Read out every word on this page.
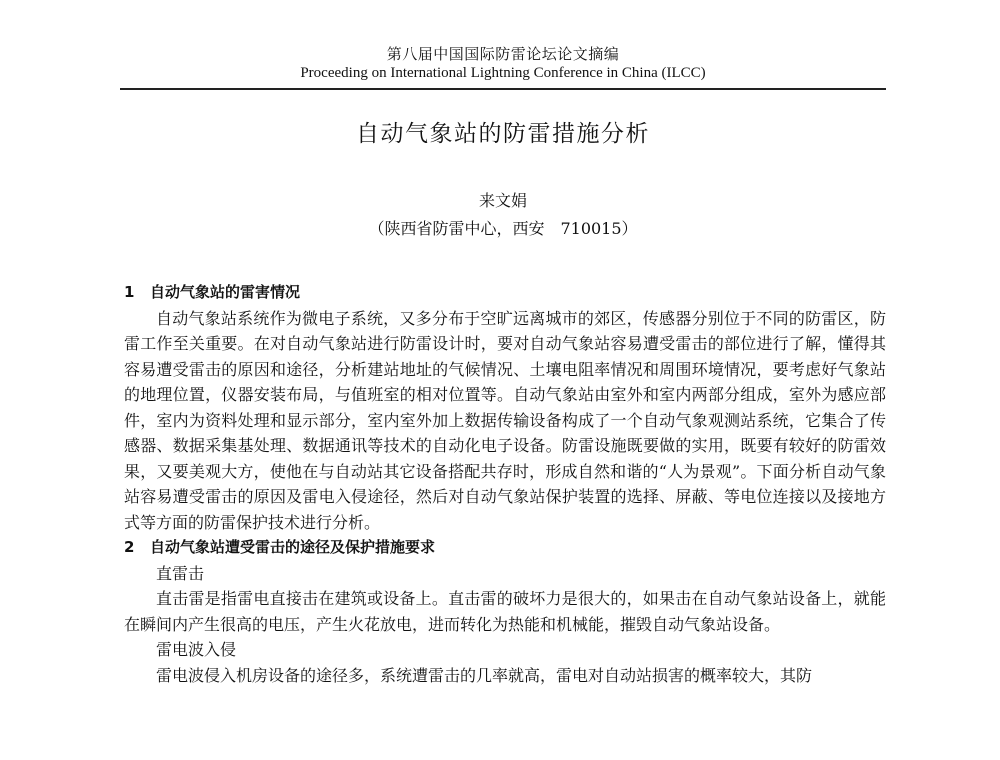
第八届中国国际防雷论坛论文摘编
Proceeding on International Lightning Conference in China (ILCC)
自动气象站的防雷措施分析
来文娟
（陕西省防雷中心，西安　710015）

1 自动气象站的雷害情况

自动气象站系统作为微电子系统，又多分布于空旷远离城市的郊区，传感器分别位于不同的防雷区，防雷工作至关重要。在对自动气象站进行防雷设计时，要对自动气象站容易遭受雷击的部位进行了解，懂得其容易遭受雷击的原因和途径，分析建站地址的气候情况、土壤电阻率情况和周围环境情况，要考虑好气象站的地理位置，仪器安装布局，与值班室的相对位置等。自动气象站由室外和室内两部分组成，室外为感应部件，室内为资料处理和显示部分，室内室外加上数据传输设备构成了一个自动气象观测站系统，它集合了传感器、数据采集基处理、数据通讯等技术的自动化电子设备。防雷设施既要做的实用，既要有较好的防雷效果，又要美观大方，使他在与自动站其它设备搭配共存时，形成自然和谐的“人为景观”。下面分析自动气象站容易遭受雷击的原因及雷电入侵途径，然后对自动气象站保护装置的选择、屏蔽、等电位连接以及接地方式等方面的防雷保护技术进行分析。

2 自动气象站遭受雷击的途径及保护措施要求

直雷击

直击雷是指雷电直接击在建筑或设备上。直击雷的破坏力是很大的，如果击在自动气象站设备上，就能在瞬间内产生很高的电压，产生火花放电，进而转化为热能和机械能，摧毁自动气象站设备。

雷电波入侵

雷电波侵入机房设备的途径多，系统遭雷击的几率就高，雷电对自动站损害的概率较大，其防
